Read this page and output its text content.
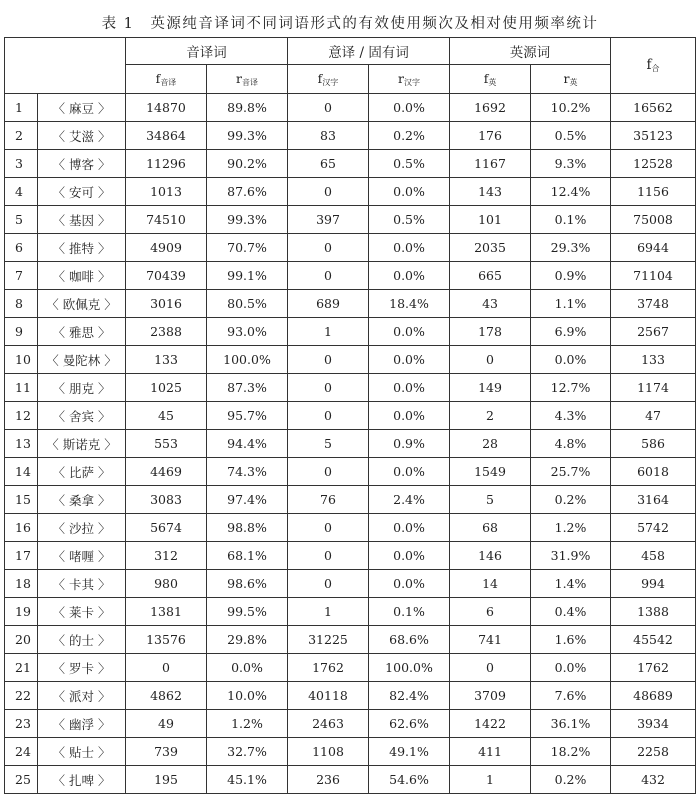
表 1　英源纯音译词不同词语形式的有效使用频次及相对使用频率统计
		音译词		意译 / 固有词		英源词		$f_合$
		$f_{音译}$	$r_{音译}$	$f_{汉字}$	$r_{汉字}$	$f_英$	$r_英$
1	〈 麻豆 〉	14870	89.8%	0	0.0%	1692	10.2%	16562
2	〈 艾滋 〉	34864	99.3%	83	0.2%	176	0.5%	35123
3	〈 博客 〉	11296	90.2%	65	0.5%	1167	9.3%	12528
4	〈 安可 〉	1013	87.6%	0	0.0%	143	12.4%	1156
5	〈 基因 〉	74510	99.3%	397	0.5%	101	0.1%	75008
6	〈 推特 〉	4909	70.7%	0	0.0%	2035	29.3%	6944
7	〈 咖啡 〉	70439	99.1%	0	0.0%	665	0.9%	71104
8	〈 欧佩克 〉	3016	80.5%	689	18.4%	43	1.1%	3748
9	〈 雅思 〉	2388	93.0%	1	0.0%	178	6.9%	2567
10	〈 曼陀林 〉	133	100.0%	0	0.0%	0	0.0%	133
11	〈 朋克 〉	1025	87.3%	0	0.0%	149	12.7%	1174
12	〈 舍宾 〉	45	95.7%	0	0.0%	2	4.3%	47
13	〈 斯诺克 〉	553	94.4%	5	0.9%	28	4.8%	586
14	〈 比萨 〉	4469	74.3%	0	0.0%	1549	25.7%	6018
15	〈 桑拿 〉	3083	97.4%	76	2.4%	5	0.2%	3164
16	〈 沙拉 〉	5674	98.8%	0	0.0%	68	1.2%	5742
17	〈 啫喱 〉	312	68.1%	0	0.0%	146	31.9%	458
18	〈 卡其 〉	980	98.6%	0	0.0%	14	1.4%	994
19	〈 莱卡 〉	1381	99.5%	1	0.1%	6	0.4%	1388
20	〈 的士 〉	13576	29.8%	31225	68.6%	741	1.6%	45542
21	〈 罗卡 〉	0	0.0%	1762	100.0%	0	0.0%	1762
22	〈 派对 〉	4862	10.0%	40118	82.4%	3709	7.6%	48689
23	〈 幽浮 〉	49	1.2%	2463	62.6%	1422	36.1%	3934
24	〈 贴士 〉	739	32.7%	1108	49.1%	411	18.2%	2258
25	〈 扎啤 〉	195	45.1%	236	54.6%	1	0.2%	432
